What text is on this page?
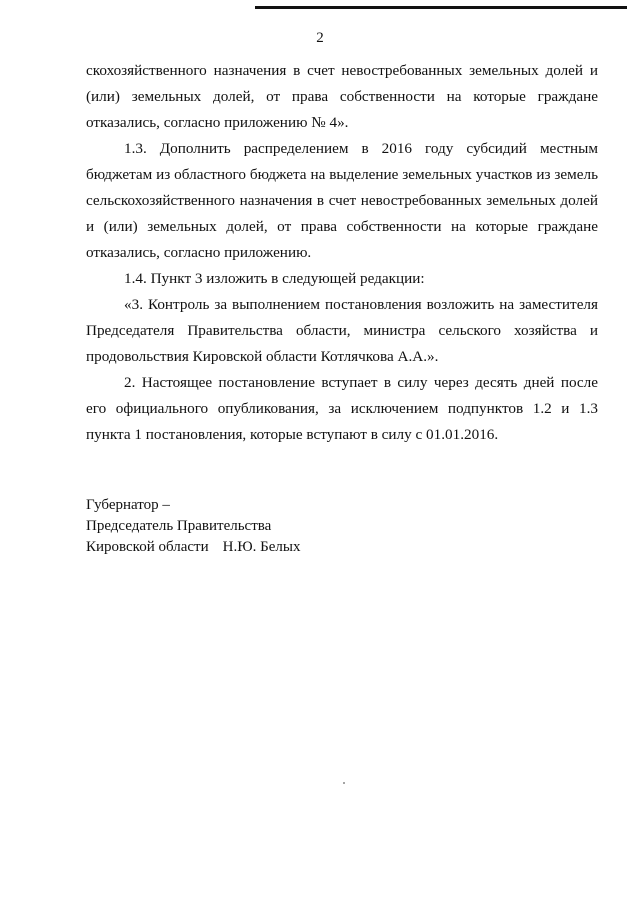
2

скохозяйственного назначения в счет невостребованных земельных долей и (или) земельных долей, от права собственности на которые граждане отказались, согласно приложению № 4».

1.3. Дополнить распределением в 2016 году субсидий местным бюджетам из областного бюджета на выделение земельных участков из земель сельскохозяйственного назначения в счет невостребованных земельных долей и (или) земельных долей, от права собственности на которые граждане отказались, согласно приложению.

1.4. Пункт 3 изложить в следующей редакции:

«3. Контроль за выполнением постановления возложить на заместителя Председателя Правительства области, министра сельского хозяйства и продовольствия Кировской области Котлячкова А.А.».

2. Настоящее постановление вступает в силу через десять дней после его официального опубликования, за исключением подпунктов 1.2 и 1.3 пункта 1 постановления, которые вступают в силу с 01.01.2016.

Губернатор –
Председатель Правительства
Кировской области Н.Ю. Белых
